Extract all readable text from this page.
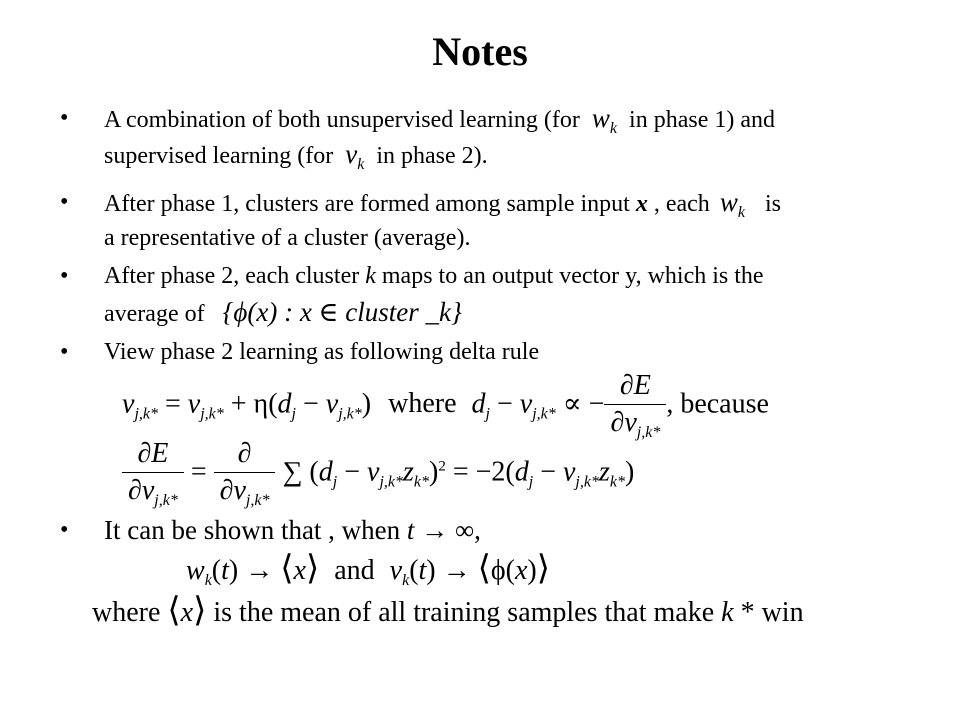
Notes
• A combination of both unsupervised learning (for $w_k$ in phase 1) and
supervised learning (for $v_k$ in phase 2).
• After phase 1, clusters are formed among sample input x , each $w_k$ is
a representative of a cluster (average).
• After phase 2, each cluster k maps to an output vector y, which is the
average of {ϕ(x) : x ∈ cluster _k}
• View phase 2 learning as following delta rule
$v_{j,k*} = v_{j,k*} + \eta(d_j - v_{j,k*})$ where $d_j - v_{j,k*}$ ∝ − $\frac{\partial E}{\partial v_{j,k*}}$ , because
$\frac{\partial E}{\partial v_{j,k*}} = \frac{\partial}{\partial v_{j,k*}}$ ∑ $(d_j - v_{j,k*}z_{k*})^2 = -2(d_j - v_{j,k*}z_{k*})$
• It can be shown that , when t → ∞,
$w_k(t)$ → ⟨x⟩ and $v_k(t)$ → ⟨ϕ(x)⟩
where ⟨x⟩ is the mean of all training samples that make k * win
